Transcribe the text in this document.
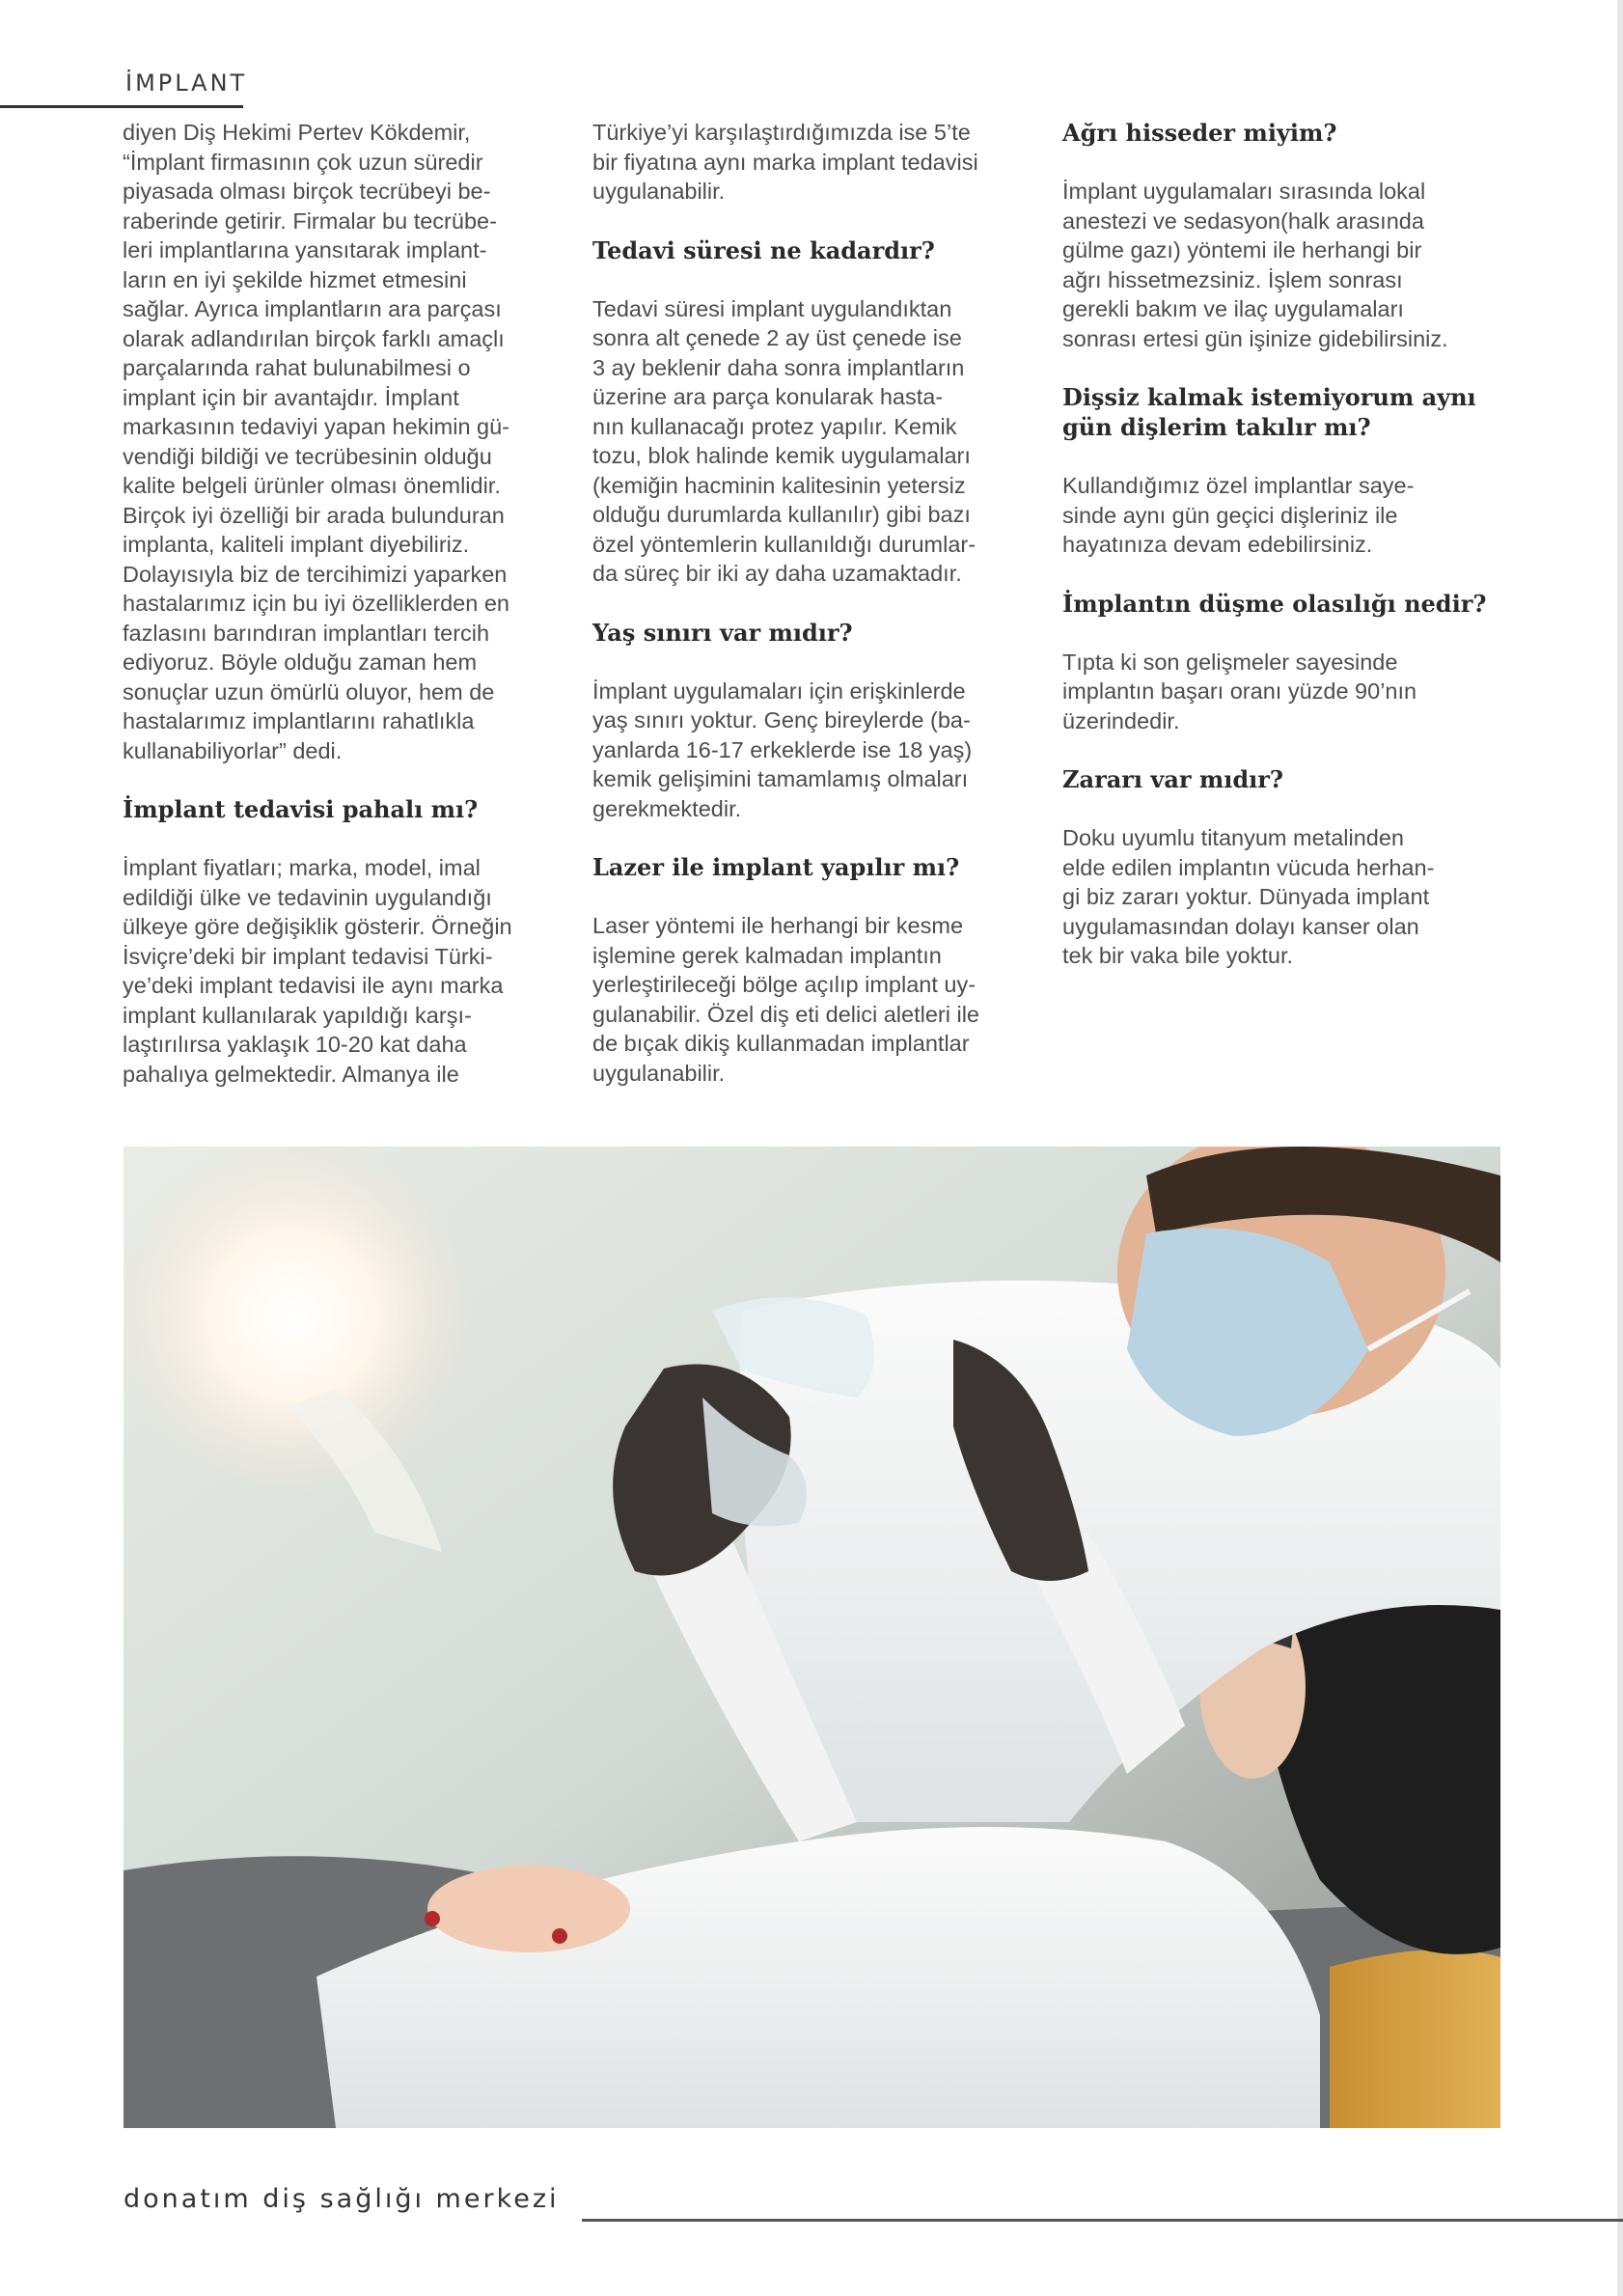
İMPLANT

diyen Diş Hekimi Pertev Kökdemir,
“İmplant firmasının çok uzun süredir
piyasada olması birçok tecrübeyi be-
raberinde getirir. Firmalar bu tecrübe-
leri implantlarına yansıtarak implant-
ların en iyi şekilde hizmet etmesini
sağlar. Ayrıca implantların ara parçası
olarak adlandırılan birçok farklı amaçlı
parçalarında rahat bulunabilmesi o
implant için bir avantajdır. İmplant
markasının tedaviyi yapan hekimin gü-
vendiği bildiği ve tecrübesinin olduğu
kalite belgeli ürünler olması önemlidir.
Birçok iyi özelliği bir arada bulunduran
implanta, kaliteli implant diyebiliriz.
Dolayısıyla biz de tercihimizi yaparken
hastalarımız için bu iyi özelliklerden en
fazlasını barındıran implantları tercih
ediyoruz. Böyle olduğu zaman hem
sonuçlar uzun ömürlü oluyor, hem de
hastalarımız implantlarını rahatlıkla
kullanabiliyorlar” dedi.

İmplant tedavisi pahalı mı?

İmplant fiyatları; marka, model, imal
edildiği ülke ve tedavinin uygulandığı
ülkeye göre değişiklik gösterir. Örneğin
İsviçre’deki bir implant tedavisi Türki-
ye’deki implant tedavisi ile aynı marka
implant kullanılarak yapıldığı karşı-
laştırılırsa yaklaşık 10-20 kat daha
pahalıya gelmektedir. Almanya ile

Türkiye’yi karşılaştırdığımızda ise 5’te
bir fiyatına aynı marka implant tedavisi
uygulanabilir.

Tedavi süresi ne kadardır?

Tedavi süresi implant uygulandıktan
sonra alt çenede 2 ay üst çenede ise
3 ay beklenir daha sonra implantların
üzerine ara parça konularak hasta-
nın kullanacağı protez yapılır. Kemik
tozu, blok halinde kemik uygulamaları
(kemiğin hacminin kalitesinin yetersiz
olduğu durumlarda kullanılır) gibi bazı
özel yöntemlerin kullanıldığı durumlar-
da süreç bir iki ay daha uzamaktadır.

Yaş sınırı var mıdır?

İmplant uygulamaları için erişkinlerde
yaş sınırı yoktur. Genç bireylerde (ba-
yanlarda 16-17 erkeklerde ise 18 yaş)
kemik gelişimini tamamlamış olmaları
gerekmektedir.

Lazer ile implant yapılır mı?

Laser yöntemi ile herhangi bir kesme
işlemine gerek kalmadan implantın
yerleştirileceği bölge açılıp implant uy-
gulanabilir. Özel diş eti delici aletleri ile
de bıçak dikiş kullanmadan implantlar
uygulanabilir.

Ağrı hisseder miyim?

İmplant uygulamaları sırasında lokal
anestezi ve sedasyon(halk arasında
gülme gazı) yöntemi ile herhangi bir
ağrı hissetmezsiniz. İşlem sonrası
gerekli bakım ve ilaç uygulamaları
sonrası ertesi gün işinize gidebilirsiniz.

Dişsiz kalmak istemiyorum aynı
gün dişlerim takılır mı?

Kullandığımız özel implantlar saye-
sinde aynı gün geçici dişleriniz ile
hayatınıza devam edebilirsiniz.

İmplantın düşme olasılığı nedir?

Tıpta ki son gelişmeler sayesinde
implantın başarı oranı yüzde 90’nın
üzerindedir.

Zararı var mıdır?

Doku uyumlu titanyum metalinden
elde edilen implantın vücuda herhan-
gi biz zararı yoktur. Dünyada implant
uygulamasından dolayı kanser olan
tek bir vaka bile yoktur.

donatım diş sağlığı merkezi
